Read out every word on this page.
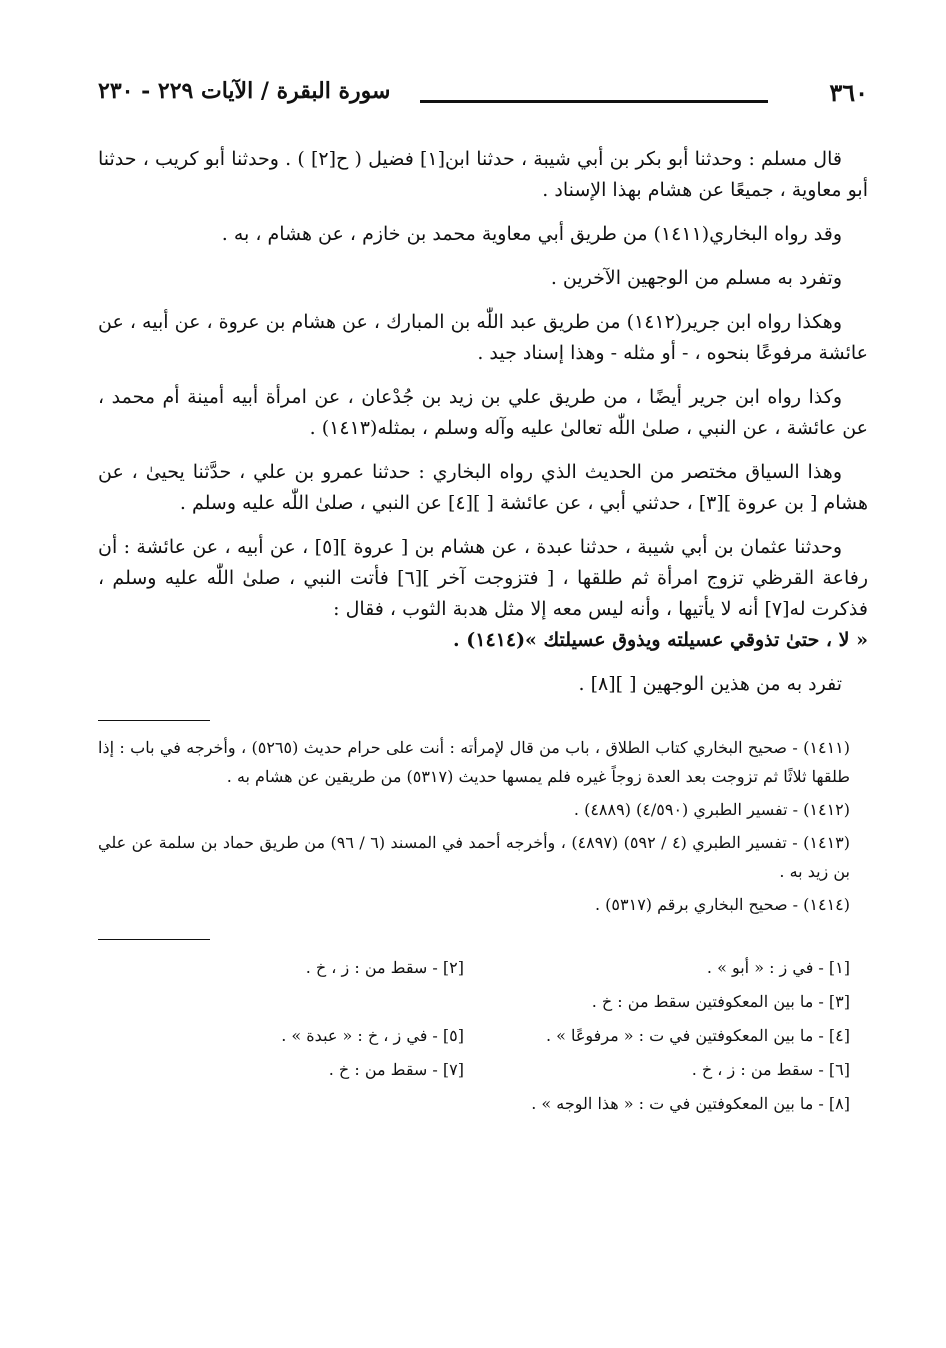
٣٦٠
سورة البقرة / الآيات ٢٢٩ - ٢٣٠

قال مسلم : وحدثنا أبو بكر بن أبي شيبة ، حدثنا ابن[١] فضيل ( ح[٢] ) . وحدثنا أبو كريب ، حدثنا أبو معاوية ، جميعًا عن هشام بهذا الإسناد .

وقد رواه البخاري(١٤١١) من طريق أبي معاوية محمد بن خازم ، عن هشام ، به .

وتفرد به مسلم من الوجهين الآخرين .

وهكذا رواه ابن جرير(١٤١٢) من طريق عبد اللّٰه بن المبارك ، عن هشام بن عروة ، عن أبيه ، عن عائشة مرفوعًا بنحوه ، - أو مثله - وهذا إسناد جيد .

وكذا رواه ابن جرير أيضًا ، من طريق علي بن زيد بن جُدْعان ، عن امرأة أبيه أمينة أم محمد ، عن عائشة ، عن النبي ، صلىٰ اللّٰه تعالىٰ عليه وآله وسلم ، بمثله(١٤١٣) .

وهذا السياق مختصر من الحديث الذي رواه البخاري : حدثنا عمرو بن علي ، حدَّثنا يحيىٰ ، عن هشام [ بن عروة ][٣] ، حدثني أبي ، عن عائشة [ ][٤] عن النبي ، صلىٰ اللّٰه عليه وسلم .

وحدثنا عثمان بن أبي شيبة ، حدثنا عبدة ، عن هشام بن [ عروة ][٥] ، عن أبيه ، عن عائشة : أن رفاعة القرظي تزوج امرأة ثم طلقها ، [ فتزوجت آخر ][٦] فأتت النبي ، صلىٰ اللّٰه عليه وسلم ، فذكرت له[٧] أنه لا يأتيها ، وأنه ليس معه إلا مثل هدبة الثوب ، فقال :

« لا ، حتىٰ تذوقي عسيلته ويذوق عسيلتك »(١٤١٤) .

تفرد به من هذين الوجهين [ ][٨] .

(١٤١١) - صحيح البخاري كتاب الطلاق ، باب من قال لإمرأته : أنت على حرام حديث (٥٢٦٥) ، وأخرجه في باب : إذا طلقها ثلاثًا ثم تزوجت بعد العدة زوجاً غيره فلم يمسها حديث (٥٣١٧) من طريقين عن هشام به .

(١٤١٢) - تفسير الطبري (٤/٥٩٠) (٤٨٨٩) .

(١٤١٣) - تفسير الطبري (٤ / ٥٩٢) (٤٨٩٧) ، وأخرجه أحمد في المسند (٦ / ٩٦) من طريق حماد بن سلمة عن علي بن زيد به .

(١٤١٤) - صحيح البخاري برقم (٥٣١٧) .

[١] - في ز : « أبو » .
[٢] - سقط من : ز ، خ .
[٣] - ما بين المعكوفتين سقط من : خ .
[٤] - ما بين المعكوفتين في ت : « مرفوعًا » .
[٥] - في ز ، خ : « عبدة » .
[٦] - سقط من : ز ، خ .
[٧] - سقط من : خ .
[٨] - ما بين المعكوفتين في ت : « هذا الوجه » .
